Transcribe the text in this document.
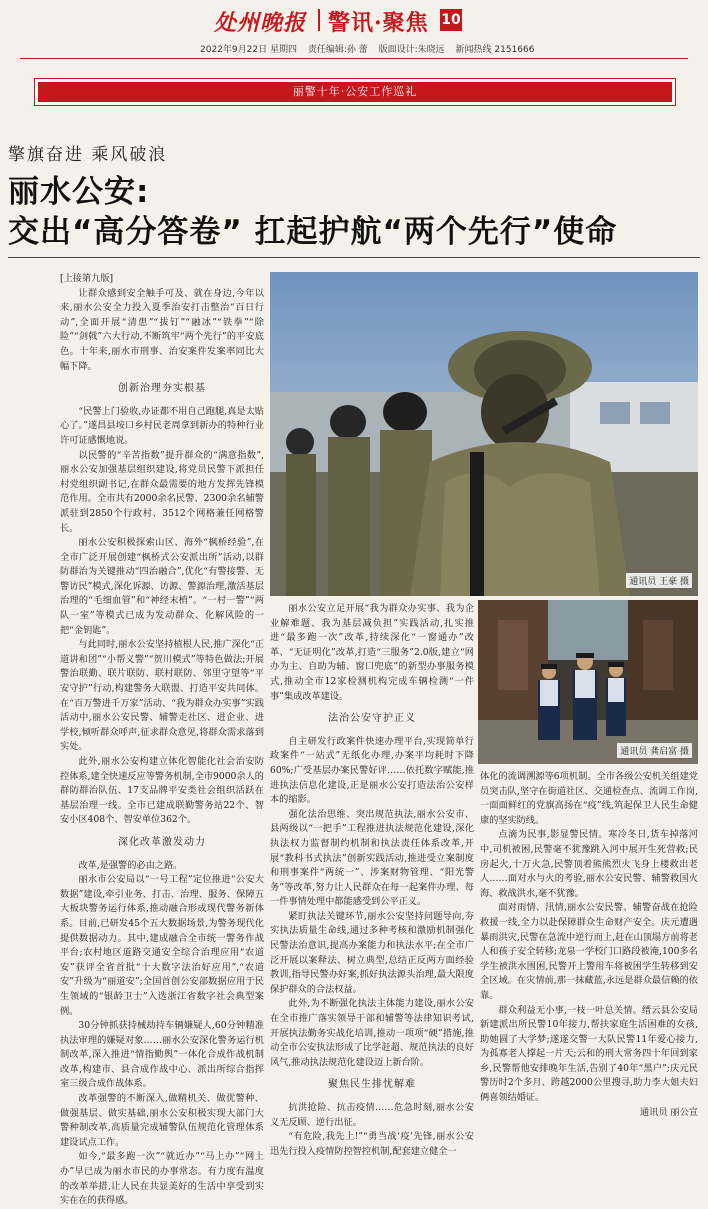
处州晚报 警讯·聚焦 10
2022年9月22日 星期四 责任编辑:孙 蕾 版面设计:朱晓远 新闻热线 2151666
丽警十年·公安工作巡礼
擎旗奋进 乘风破浪
丽水公安:
交出“高分答卷” 扛起护航“两个先行”使命

[上接第九版]

让群众感到安全触手可及、就在身边,今年以来,丽水公安全力投入夏季治安打击整治“百日行动”,全面开展“清患”“拔钉”“融冰”“铁拳”“除险”“剑戟”六大行动,不断筑牢“两个先行”的平安底色。十年来,丽水市刑事、治安案件发案率同比大幅下降。

创新治理夯实根基

“民警上门验收,办证都不用自己跑腿,真是太贴心了。”遂昌县垵口乡村民老周拿到新办的特种行业许可证感慨地说。

以民警的“辛苦指数”提升群众的“满意指数”,丽水公安加强基层组织建设,将党员民警下派担任村党组织副书记,在群众最需要的地方发挥先锋模范作用。全市共有2000余名民警、2300余名辅警派驻到2850个行政村、3512个网格兼任网格警长。

丽水公安积极探索山区、海外“枫桥经验”,在全市广泛开展创建“枫桥式公安派出所”活动,以群防群治为关键推动“四治融合”,优化“有警接警、无警访民”模式,深化诉源、访源、警源治理,激活基层治理的“毛细血管”和“神经末梢”。“一村一警”“两队一室”等模式已成为发动群众、化解风险的一把“金钥匙”。

与此同时,丽水公安坚持植根人民,推广深化“正道讲和团”“小帮义警”“贺川模式”等特色做法;开展警治联勤、联片联防、联村联防、邻里守望等“平安守护”行动,构建警务大联盟、打造平安共同体。在“百万警进千万家”活动、“我为群众办实事”实践活动中,丽水公安民警、辅警走社区、进企业、进学校,倾听群众呼声,征求群众意见,将群众需求落到实处。

此外,丽水公安构建立体化智能化社会治安防控体系,建全快速反应等警务机制,全市9000余人的群防群治队伍、17支品牌平安类社会组织活跃在基层治理一线。全市已建成联勤警务站22个、智安小区408个、智安单位362个。

深化改革激发动力

改革,是强警的必由之路。

丽水市公安局以“一号工程”定位推进“公安大数据”建设,牵引业务、打击、治理、服务、保障五大板块警务运行体系,推动融合形成现代警务新体系。目前,已研发45个五大数据场景,为警务现代化提供数据动力。其中,建成融合全市统一警务作战平台;农村地区道路交通安全综合治理应用“农道安”获评全省首批“十大数字法治好应用”,“农道安”升级为“丽道安”;全国首创公安部数据应用于民生领域的“银龄卫士”入选浙江省数字社会典型案例。

30分钟抓获持械劫持车辆嫌疑人,60分钟精准执法审理的嫌疑对象……丽水公安深化警务运行机制改革,深入推进“情指勤舆”一体化合成作战机制改革,构建市、县合成作战中心、派出所综合指挥室三级合成作战体系。

改革强警的不断深入,做精机关、做优警种、做强基层、做实基础,丽水公安积极实现大部门大警种制改革,高质量完成辅警队伍规范化管理体系建设试点工作。

如今,“最多跑一次”“就近办”“马上办”“网上办”早已成为丽水市民的办事常态。有力度有温度的改革举措,让人民在共显美好的生活中享受到实实在在的获得感。

通讯员 王豪 摄

丽水公安立足开展“我为群众办实事、我为企业解难题、我为基层减负担”实践活动,扎实推进“最多跑一次”改革,持续深化“一窗通办”改革、“无证明化”改革,打造“三服务”2.0版,建立“网办为主、自助为辅、窗口兜底”的新型办事服务模式,推动全市12家检测机构完成车辆检测“一件事”集成改革建设。

法治公安守护正义

自主研发行政案件快速办理平台,实现简单行政案件“一站式”无纸化办理,办案平均耗时下降60%;广受基层办案民警好评……依托数字赋能,推进执法信息化建设,正是丽水公安打造法治公安样本的缩影。

强化法治思维、突出规范执法,丽水公安市、县两级以“一把手”工程推进执法规范化建设,深化执法权力监督制约机制和执法责任体系改革,开展“教科书式执法”创新实践活动,推进受立案制度和刑事案件“两统一”、涉案财物管理、“阳光警务”等改革,努力让人民群众在每一起案件办理、每一件事情处理中都能感受到公平正义。

紧盯执法关键环节,丽水公安坚持问题导向,夯实执法质量生命线,通过多种考核和激励机制强化民警法治意识,提高办案能力和执法水平;在全市广泛开展以案释法、树立典型,总结正反两方面经验教训,指导民警办好案,抓好执法源头治理,最大限度保护群众的合法权益。

此外,为不断强化执法主体能力建设,丽水公安在全市推广落实领导干部和辅警等法律知识考试,开展执法勤务实战化培训,推动一项项“硬”措施,推动全市公安执法形成了比学赶超、规范执法的良好风气,推动执法规范化建设迈上新台阶。

聚焦民生排忧解难

抗洪抢险、抗击疫情……危急时刻,丽水公安义无反顾、逆行出征。

“有危险,我先上!”“勇当战‘疫’先锋,丽水公安迅先行投入疫情防控智控机制,配套建立健全一

通讯员 龚启富 摄

体化的流调溯源等6项机制。全市各级公安机关组建党员突击队,坚守在街道社区、交通检查点、流调工作岗,一面面鲜红的党旗高扬在“疫”线,筑起保卫人民生命健康的坚实防线。

点滴为民事,影显警民情。寒冷冬日,货车掉落河中,司机被困,民警毫不犹豫跳入河中展开生死营救;民房起火,十万火急,民警顶着熊熊烈火飞身上楼救出老人……面对水与火的考验,丽水公安民警、辅警救国火海、救战洪水,毫不犹豫。

面对雨情、汛情,丽水公安民警、辅警奋战在抢险救援一线,全力以赴保障群众生命财产安全。庆元遭遇暴雨洪灾,民警在急流中逆行而上,赶在山顶塌方前将老人和孩子安全转移;龙泉一学校门口路段被淹,100多名学生被洪水围困,民警开上警用车将被困学生转移到安全区域。在灾情前,那一抹藏蓝,永远是群众最信赖的依靠。

群众利益无小事,一枝一叶总关情。缙云县公安局新建派出所民警10年接力,帮扶家庭生活困难的女孩,助她圆了大学梦;遂遂交警一大队民警11年爱心接力,为孤寡老人撑起一片天;云和的刑大常务四十年回到家乡,民警帮他安排晚年生活,告别了40年“黑户”;庆元民警历时2个多月、跨越2000公里搜寻,助力李大姐夫妇俩喜领结婚证。

通讯员 丽公宣
